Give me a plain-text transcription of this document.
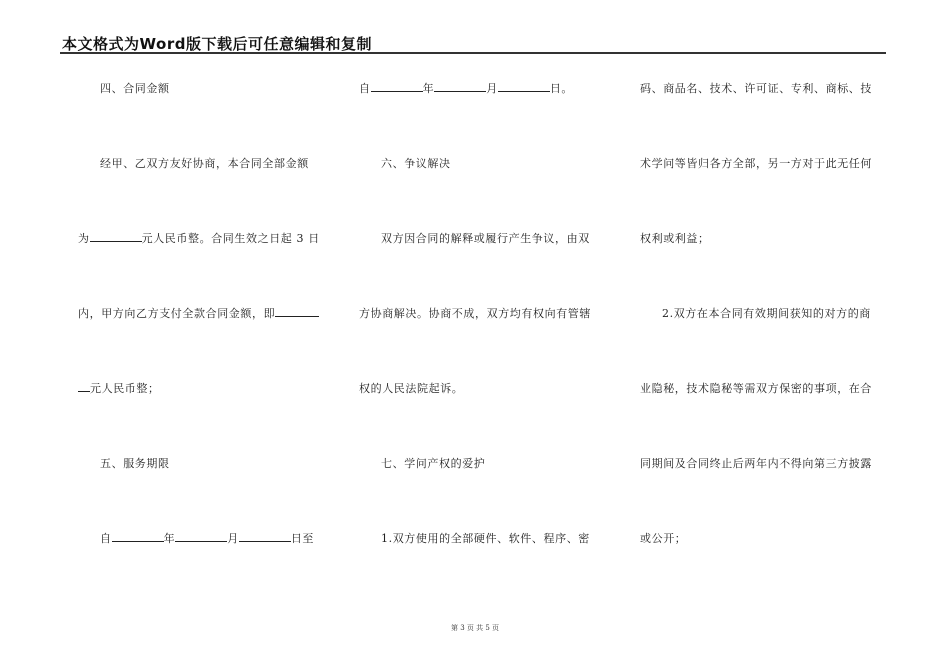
本文格式为Word版下载后可任意编辑和复制
四、合同金额
经甲、乙双方友好协商，本合同全部金额
为	元人民币整。合同生效之日起 3 日
内，甲方向乙方支付全款合同金额，即
元人民币整；
五、服务期限
自	年	月	日至
自	年	月	日。
六、争议解决
双方因合同的解释或履行产生争议，由双
方协商解决。协商不成，双方均有权向有管辖
权的人民法院起诉。
七、学问产权的爱护
1.双方使用的全部硬件、软件、程序、密
码、商品名、技术、许可证、专利、商标、技
术学问等皆归各方全部，另一方对于此无任何
权利或利益；
2.双方在本合同有效期间获知的对方的商
业隐秘，技术隐秘等需双方保密的事项，在合
同期间及合同终止后两年内不得向第三方披露
或公开；
第 3 页 共 5 页
